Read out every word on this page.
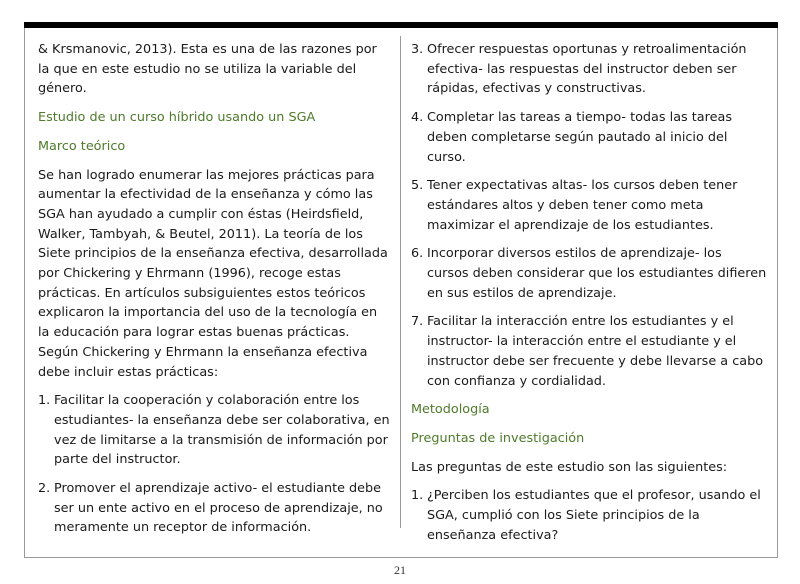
& Krsmanovic, 2013). Esta es una de las razones por la que en este estudio no se utiliza la variable del género.

Estudio de un curso híbrido usando un SGA

Marco teórico

Se han logrado enumerar las mejores prácticas para aumentar la efectividad de la enseñanza y cómo las SGA han ayudado a cumplir con éstas (Heirdsfield, Walker, Tambyah, & Beutel, 2011). La teoría de los Siete principios de la enseñanza efectiva, desarrollada por Chickering y Ehrmann (1996), recoge estas prácticas. En artículos subsiguientes estos teóricos explicaron la importancia del uso de la tecnología en la educación para lograr estas buenas prácticas. Según Chickering y Ehrmann la enseñanza efectiva debe incluir estas prácticas:

1. Facilitar la cooperación y colaboración entre los estudiantes- la enseñanza debe ser colaborativa, en vez de limitarse a la transmisión de información por parte del instructor.
2. Promover el aprendizaje activo- el estudiante debe ser un ente activo en el proceso de aprendizaje, no meramente un receptor de información.
3. Ofrecer respuestas oportunas y retroalimentación efectiva- las respuestas del instructor deben ser rápidas, efectivas y constructivas.
4. Completar las tareas a tiempo- todas las tareas deben completarse según pautado al inicio del curso.
5. Tener expectativas altas- los cursos deben tener estándares altos y deben tener como meta maximizar el aprendizaje de los estudiantes.
6. Incorporar diversos estilos de aprendizaje- los cursos deben considerar que los estudiantes difieren en sus estilos de aprendizaje.
7. Facilitar la interacción entre los estudiantes y el instructor- la interacción entre el estudiante y el instructor debe ser frecuente y debe llevarse a cabo con confianza y cordialidad.

Metodología

Preguntas de investigación

Las preguntas de este estudio son las siguientes:

1. ¿Perciben los estudiantes que el profesor, usando el SGA, cumplió con los Siete principios de la enseñanza efectiva?
21
